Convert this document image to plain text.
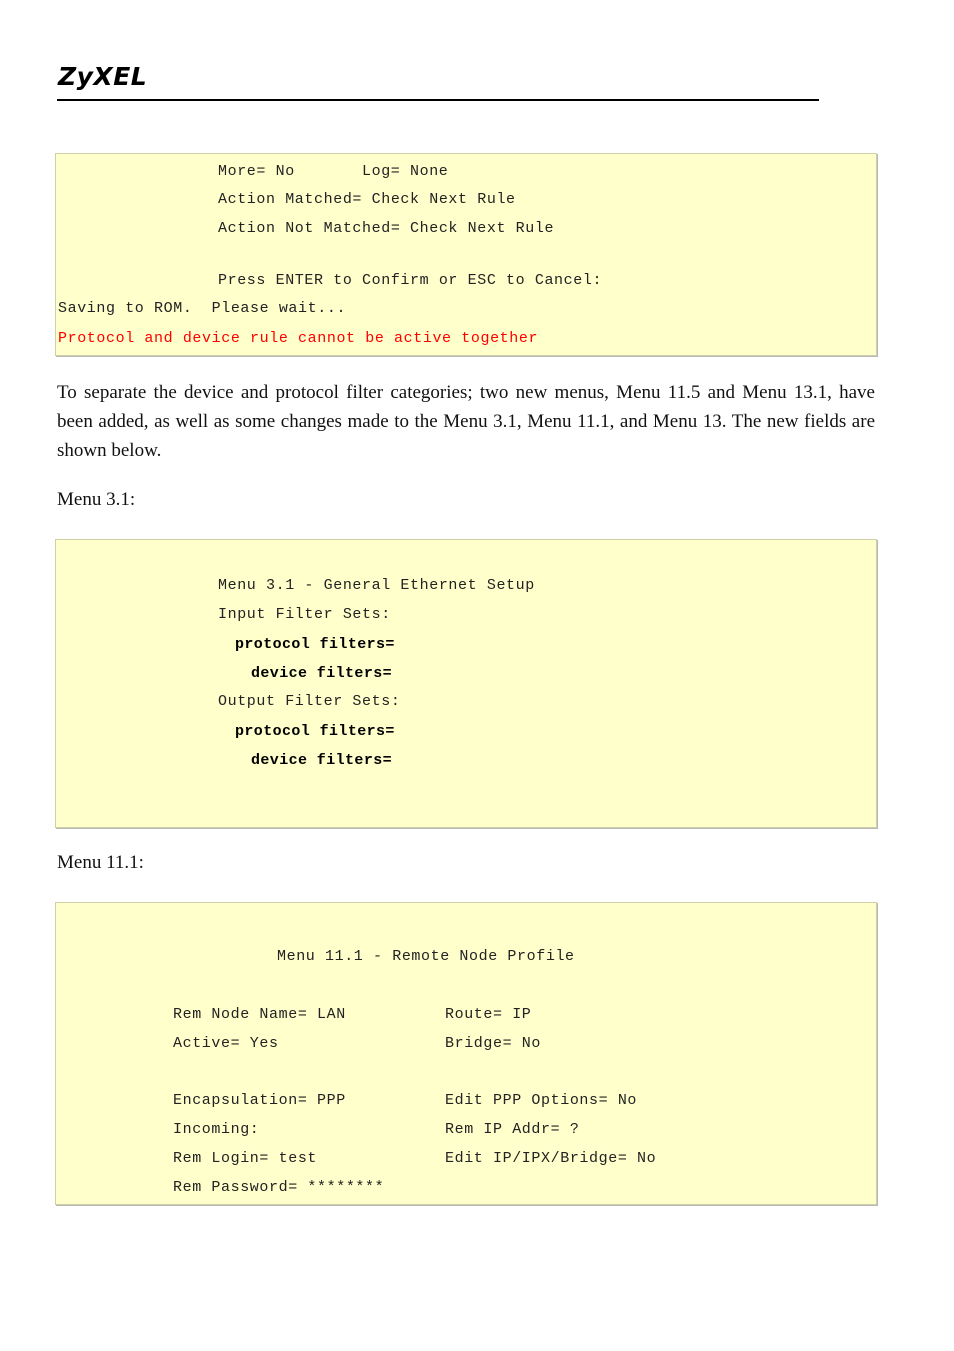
ZyXEL
More= No	Log= None
Action Matched= Check Next Rule
Action Not Matched= Check Next Rule
Press ENTER to Confirm or ESC to Cancel:
Saving to ROM.  Please wait...
Protocol and device rule cannot be active together
To separate the device and protocol filter categories; two new menus, Menu 11.5 and Menu 13.1, have been added, as well as some changes made to the Menu 3.1, Menu 11.1, and Menu 13. The new fields are shown below.
Menu 3.1:
Menu 3.1 - General Ethernet Setup
Input Filter Sets:
protocol filters=
device filters=
Output Filter Sets:
protocol filters=
device filters=
Menu 11.1:
Menu 11.1 - Remote Node Profile
Rem Node Name= LAN	Route= IP
Active= Yes	Bridge= No
Encapsulation= PPP	Edit PPP Options= No
Incoming:	Rem IP Addr= ?
Rem Login= test	Edit IP/IPX/Bridge= No
Rem Password= ********
